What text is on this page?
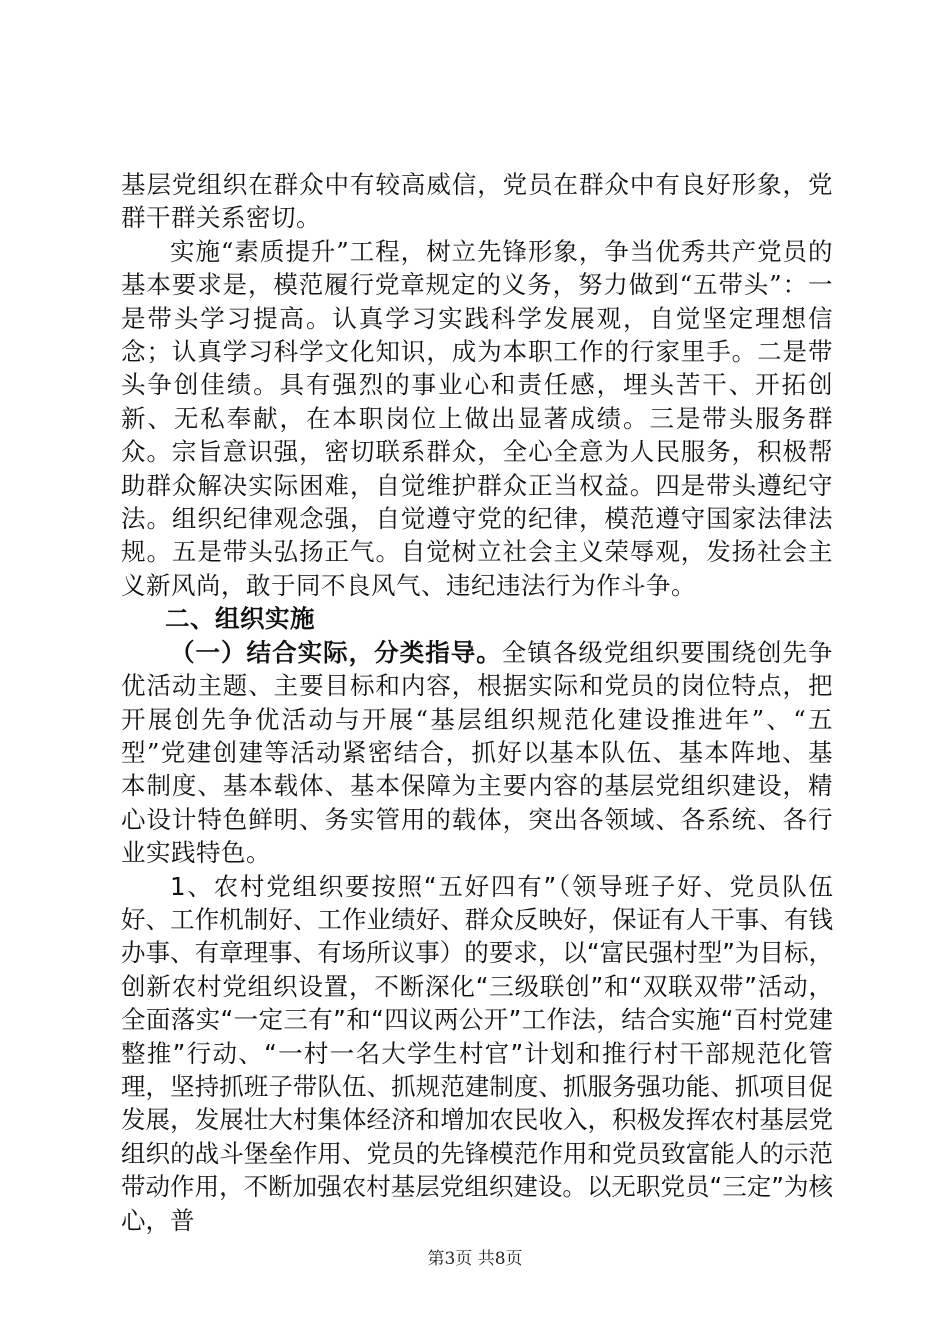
基层党组织在群众中有较高威信，党员在群众中有良好形象，党群干群关系密切。

实施“素质提升”工程，树立先锋形象，争当优秀共产党员的基本要求是，模范履行党章规定的义务，努力做到“五带头”：一是带头学习提高。认真学习实践科学发展观，自觉坚定理想信念；认真学习科学文化知识，成为本职工作的行家里手。二是带头争创佳绩。具有强烈的事业心和责任感，埋头苦干、开拓创新、无私奉献，在本职岗位上做出显著成绩。三是带头服务群众。宗旨意识强，密切联系群众，全心全意为人民服务，积极帮助群众解决实际困难，自觉维护群众正当权益。四是带头遵纪守法。组织纪律观念强，自觉遵守党的纪律，模范遵守国家法律法规。五是带头弘扬正气。自觉树立社会主义荣辱观，发扬社会主义新风尚，敢于同不良风气、违纪违法行为作斗争。

二、组织实施

（一）结合实际，分类指导。全镇各级党组织要围绕创先争优活动主题、主要目标和内容，根据实际和党员的岗位特点，把开展创先争优活动与开展“基层组织规范化建设推进年”、“五型”党建创建等活动紧密结合，抓好以基本队伍、基本阵地、基本制度、基本载体、基本保障为主要内容的基层党组织建设，精心设计特色鲜明、务实管用的载体，突出各领域、各系统、各行业实践特色。

1、农村党组织要按照“五好四有”（领导班子好、党员队伍好、工作机制好、工作业绩好、群众反映好，保证有人干事、有钱办事、有章理事、有场所议事）的要求，以“富民强村型”为目标，创新农村党组织设置，不断深化“三级联创”和“双联双带”活动，全面落实“一定三有”和“四议两公开”工作法，结合实施“百村党建整推”行动、“一村一名大学生村官”计划和推行村干部规范化管理，坚持抓班子带队伍、抓规范建制度、抓服务强功能、抓项目促发展，发展壮大村集体经济和增加农民收入，积极发挥农村基层党组织的战斗堡垒作用、党员的先锋模范作用和党员致富能人的示范带动作用，不断加强农村基层党组织建设。以无职党员“三定”为核心，普

第3页 共8页
